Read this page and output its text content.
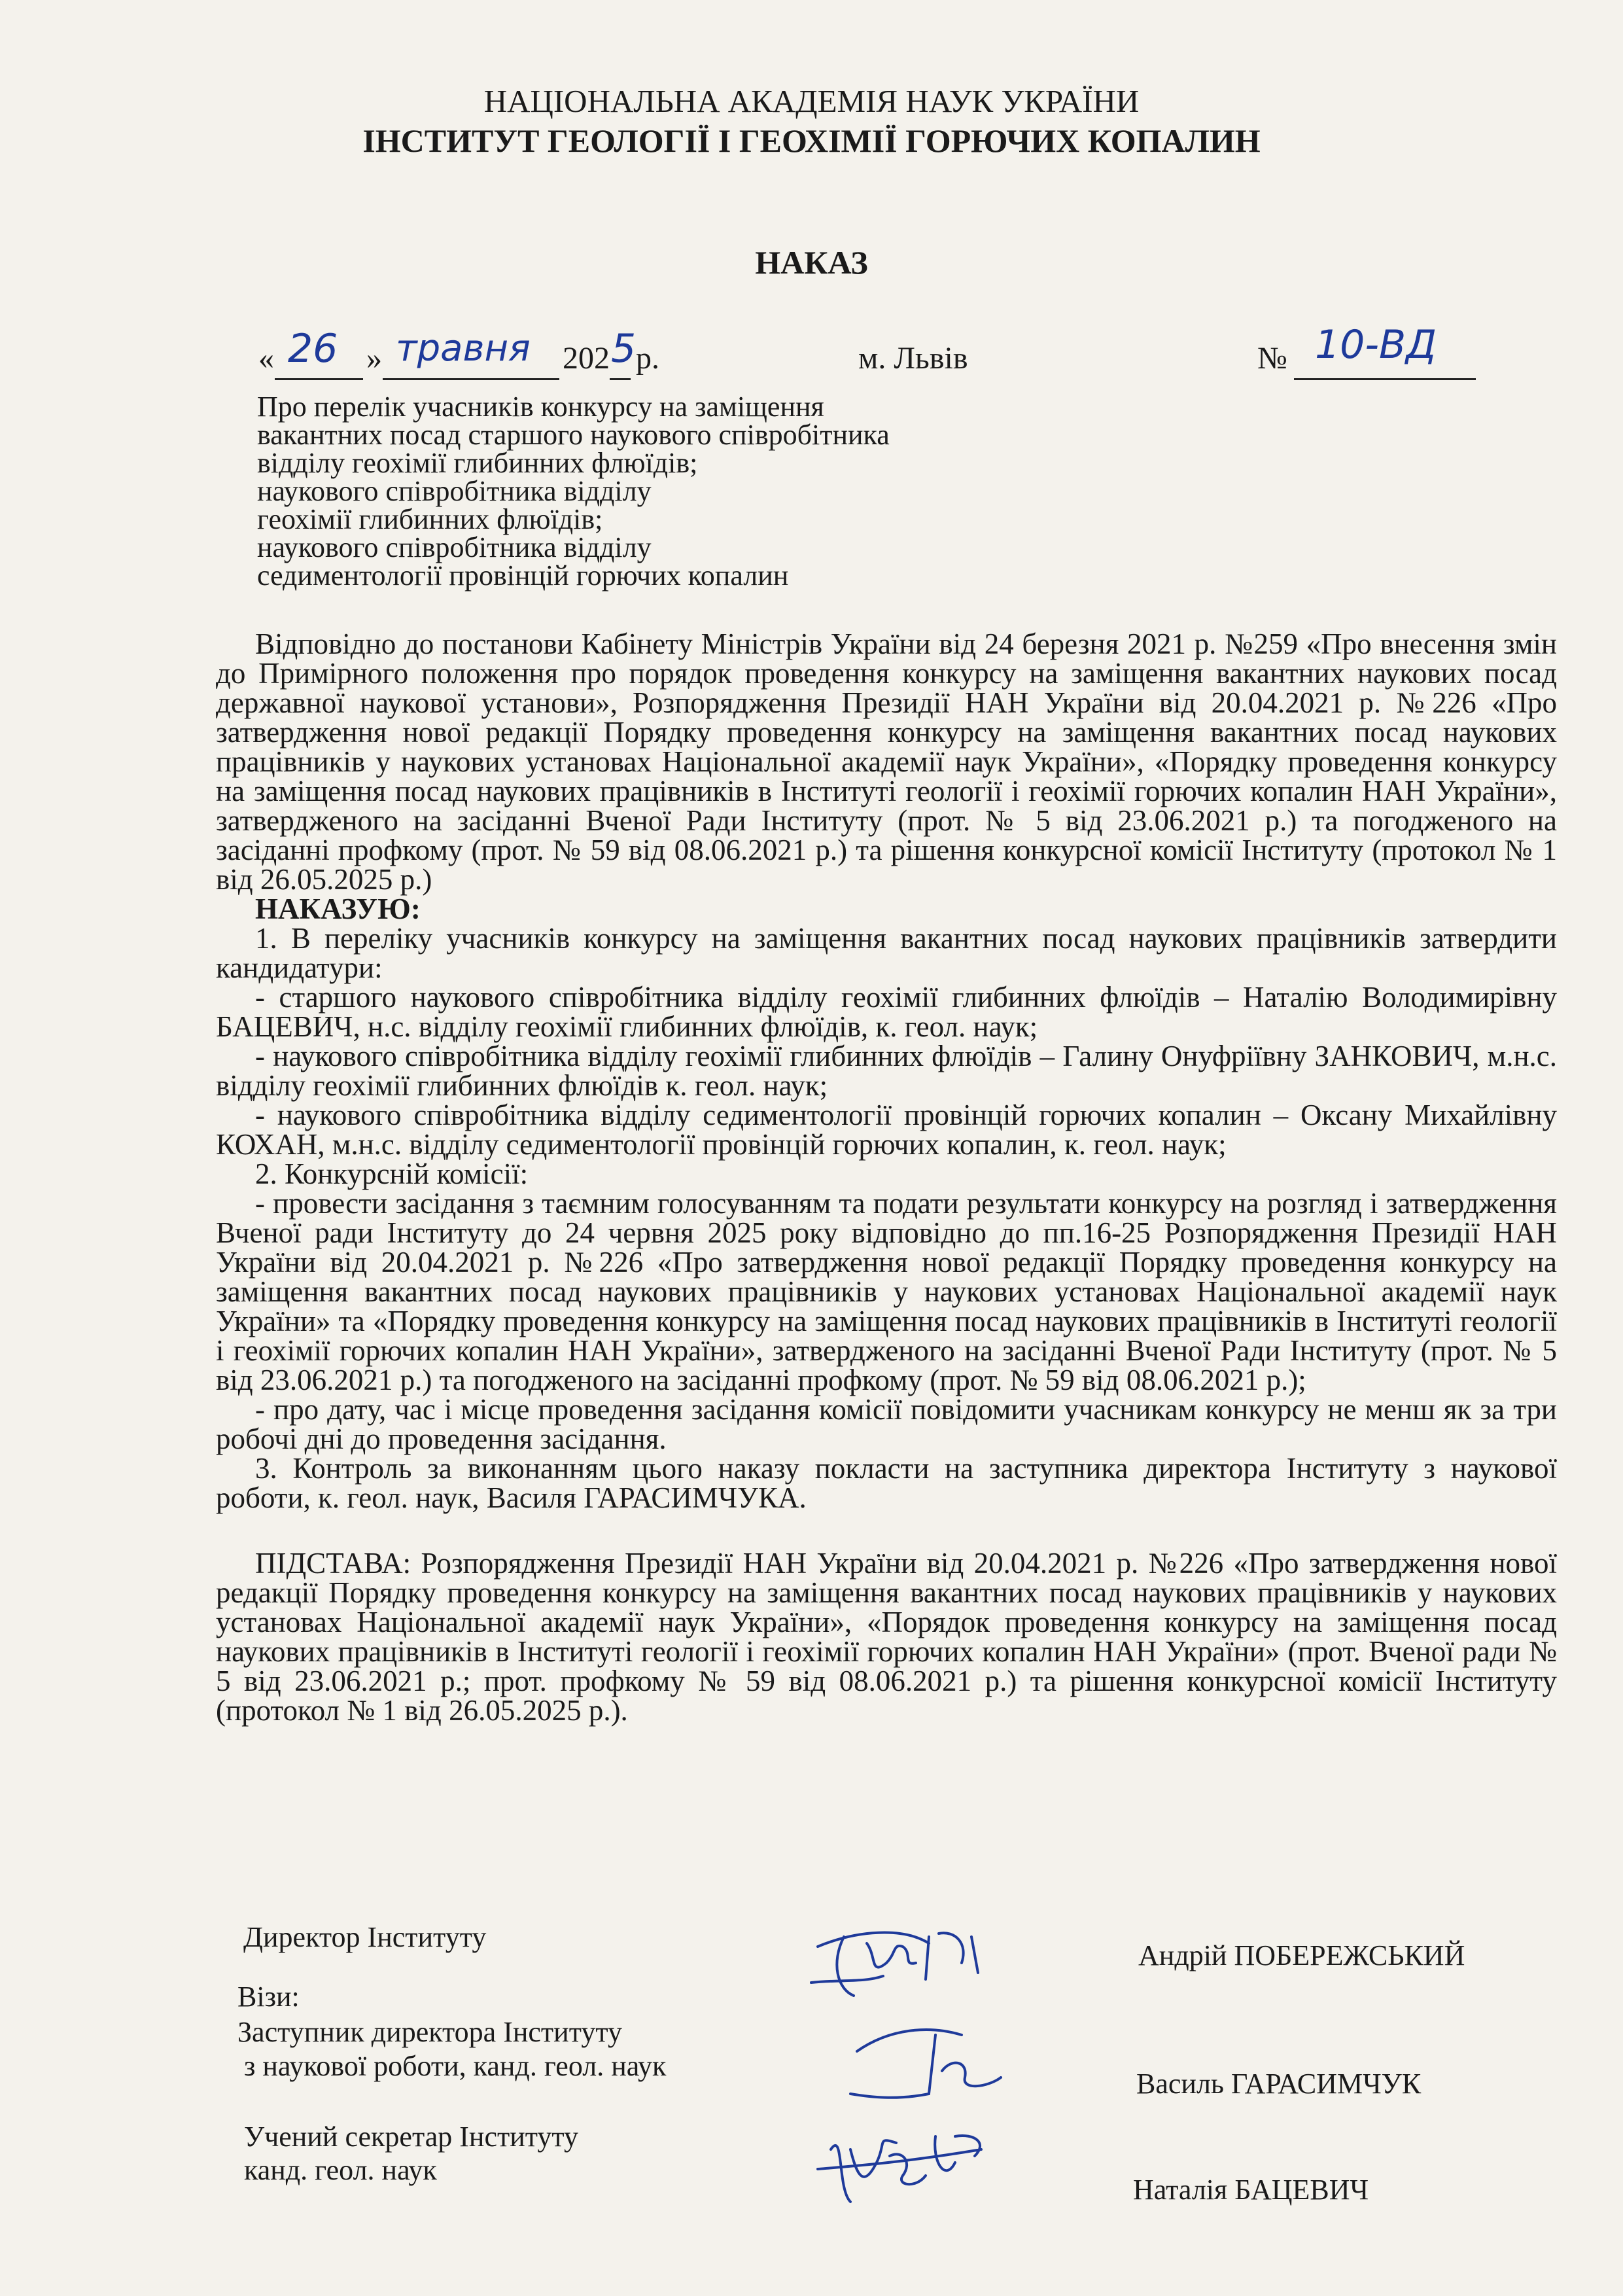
НАЦІОНАЛЬНА АКАДЕМІЯ НАУК УКРАЇНИ
ІНСТИТУТ ГЕОЛОГІЇ І ГЕОХІМІЇ ГОРЮЧИХ КОПАЛИН
НАКАЗ
« 26 » травня 202 5 р.	м. Львів	№ 10-ВД
Про перелік учасників конкурсу на заміщення
вакантних посад старшого наукового співробітника
відділу геохімії глибинних флюїдів;
наукового співробітника відділу
геохімії глибинних флюїдів;
наукового співробітника відділу
седиментології провінцій горючих копалин

Відповідно до постанови Кабінету Міністрів України від 24 березня 2021 р. №259 «Про внесення змін до Примірного положення про порядок проведення конкурсу на заміщення вакантних наукових посад державної наукової установи», Розпорядження Президії НАН України від 20.04.2021 р. №226 «Про затвердження нової редакції Порядку проведення конкурсу на заміщення вакантних посад наукових працівників у наукових установах Національної академії наук України», «Порядку проведення конкурсу на заміщення посад наукових працівників в Інституті геології і геохімії горючих копалин НАН України», затвердженого на засіданні Вченої Ради Інституту (прот. № 5 від 23.06.2021 р.) та погодженого на засіданні профкому (прот. № 59 від 08.06.2021 р.) та рішення конкурсної комісії Інституту (протокол № 1 від 26.05.2025 р.)

НАКАЗУЮ:

1. В переліку учасників конкурсу на заміщення вакантних посад наукових працівників затвердити кандидатури:

- старшого наукового співробітника відділу геохімії глибинних флюїдів – Наталію Володимирівну БАЦЕВИЧ, н.с. відділу геохімії глибинних флюїдів, к. геол. наук;

- наукового співробітника відділу геохімії глибинних флюїдів – Галину Онуфріївну ЗАНКОВИЧ, м.н.с. відділу геохімії глибинних флюїдів к. геол. наук;

- наукового співробітника відділу седиментології провінцій горючих копалин – Оксану Михайлівну КОХАН, м.н.с. відділу седиментології провінцій горючих копалин, к. геол. наук;

2. Конкурсній комісії:

- провести засідання з таємним голосуванням та подати результати конкурсу на розгляд і затвердження Вченої ради Інституту до 24 червня 2025 року відповідно до пп.16-25 Розпорядження Президії НАН України від 20.04.2021 р. №226 «Про затвердження нової редакції Порядку проведення конкурсу на заміщення вакантних посад наукових працівників у наукових установах Національної академії наук України» та «Порядку проведення конкурсу на заміщення посад наукових працівників в Інституті геології і геохімії горючих копалин НАН України», затвердженого на засіданні Вченої Ради Інституту (прот. № 5 від 23.06.2021 р.) та погодженого на засіданні профкому (прот. № 59 від 08.06.2021 р.);

- про дату, час і місце проведення засідання комісії повідомити учасникам конкурсу не менш як за три робочі дні до проведення засідання.

3. Контроль за виконанням цього наказу покласти на заступника директора Інституту з наукової роботи, к. геол. наук, Василя ГАРАСИМЧУКА.

ПІДСТАВА: Розпорядження Президії НАН України від 20.04.2021 р. №226 «Про затвердження нової редакції Порядку проведення конкурсу на заміщення вакантних посад наукових працівників у наукових установах Національної академії наук України», «Порядок проведення конкурсу на заміщення посад наукових працівників в Інституті геології і геохімії горючих копалин НАН України» (прот. Вченої ради № 5 від 23.06.2021 р.; прот. профкому № 59 від 08.06.2021 р.) та рішення конкурсної комісії Інституту (протокол № 1 від 26.05.2025 р.).

Директор Інституту
Андрій ПОБЕРЕЖСЬКИЙ
Візи:
Заступник директора Інституту
з наукової роботи, канд. геол. наук
Василь ГАРАСИМЧУК
Учений секретар Інституту
канд. геол. наук
Наталія БАЦЕВИЧ
